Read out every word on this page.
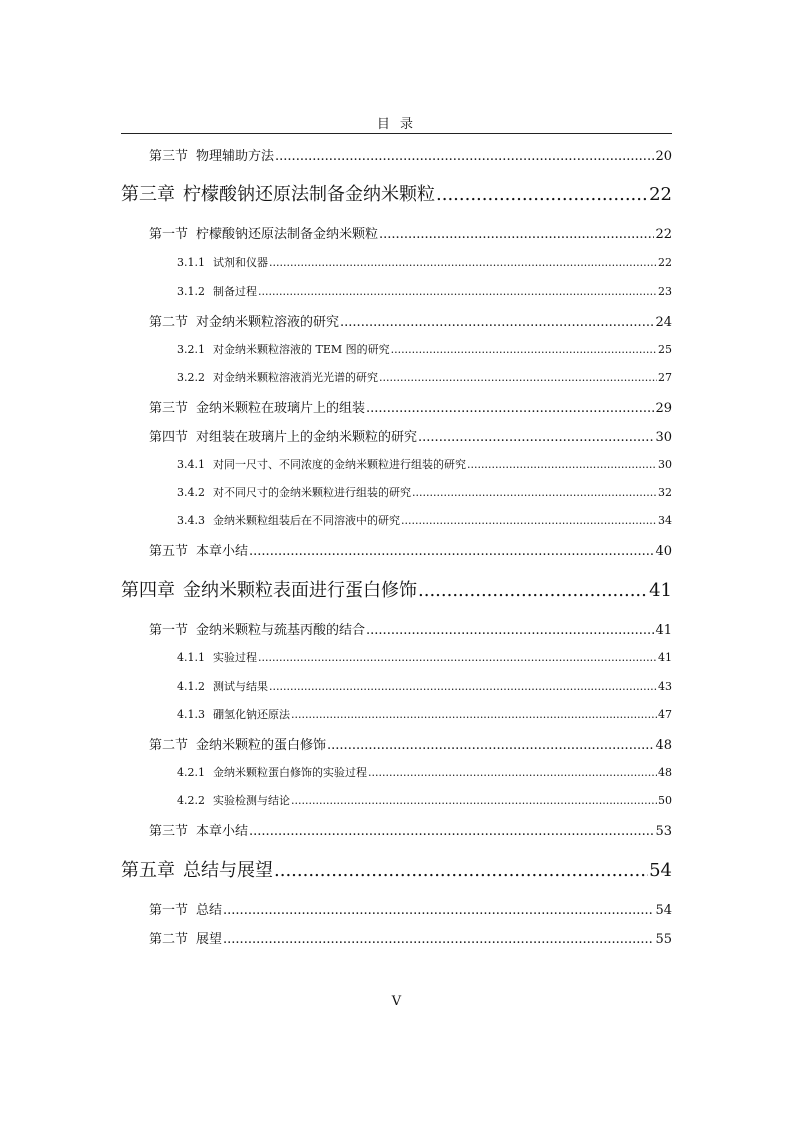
目 录
第三节 物理辅助方法 .....	20
第三章 柠檬酸钠还原法制备金纳米颗粒 .....	22
第一节 柠檬酸钠还原法制备金纳米颗粒 .....	22
3.1.1 试剂和仪器 .....	22
3.1.2 制备过程 .....	23
第二节 对金纳米颗粒溶液的研究 .....	24
3.2.1 对金纳米颗粒溶液的 TEM 图的研究 .....	25
3.2.2 对金纳米颗粒溶液消光光谱的研究 .....	27
第三节 金纳米颗粒在玻璃片上的组装 .....	29
第四节 对组装在玻璃片上的金纳米颗粒的研究 .....	30
3.4.1 对同一尺寸、不同浓度的金纳米颗粒进行组装的研究 .....	30
3.4.2 对不同尺寸的金纳米颗粒进行组装的研究 .....	32
3.4.3 金纳米颗粒组装后在不同溶液中的研究 .....	34
第五节 本章小结 .....	40
第四章 金纳米颗粒表面进行蛋白修饰 .....	41
第一节 金纳米颗粒与巯基丙酸的结合 .....	41
4.1.1 实验过程 .....	41
4.1.2 测试与结果 .....	43
4.1.3 硼氢化钠还原法 .....	47
第二节 金纳米颗粒的蛋白修饰 .....	48
4.2.1 金纳米颗粒蛋白修饰的实验过程 .....	48
4.2.2 实验检测与结论 .....	50
第三节 本章小结 .....	53
第五章 总结与展望 .....	54
第一节 总结 .....	54
第二节 展望 .....	55
V
